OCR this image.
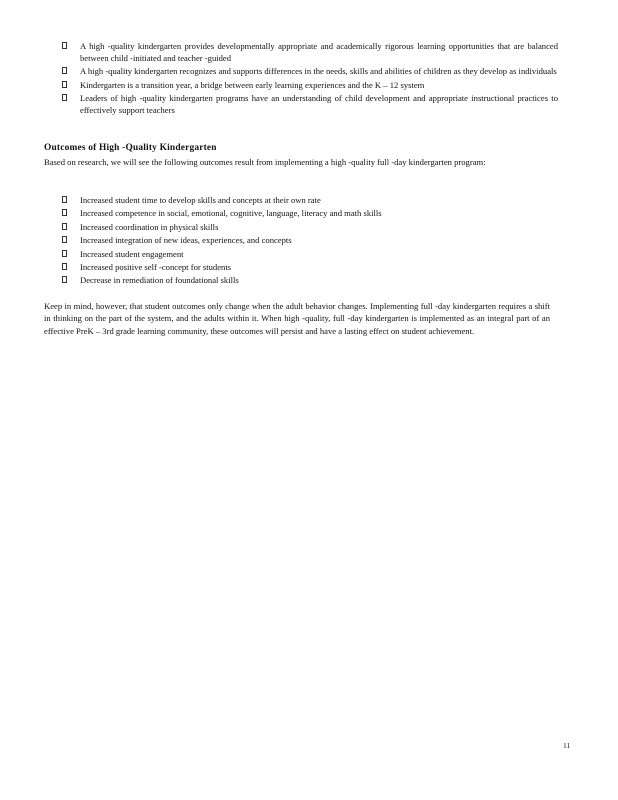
A high -quality kindergarten provides developmentally appropriate and academically rigorous learning opportunities that are balanced between child -initiated and teacher -guided
A high -quality kindergarten recognizes and supports differences in the needs, skills and abilities of children as they develop as individuals
Kindergarten is a transition year, a bridge between early learning experiences and the K – 12 system
Leaders of high -quality kindergarten programs have an understanding of child development and appropriate instructional practices to effectively support teachers
Outcomes of High -Quality Kindergarten
Based on research, we will see the following outcomes result from implementing a high -quality full -day kindergarten program:
Increased student time to develop skills and concepts at their own rate
Increased competence in social, emotional, cognitive, language, literacy and math skills
Increased coordination in physical skills
Increased integration of new ideas, experiences, and concepts
Increased student engagement
Increased positive self -concept for students
Decrease in remediation of foundational skills
Keep in mind, however, that student outcomes only change when the adult behavior changes. Implementing full -day kindergarten requires a shift in thinking on the part of the system, and the adults within it. When high -quality, full -day kindergarten is implemented as an integral part of an effective PreK – 3rd grade learning community, these outcomes will persist and have a lasting effect on student achievement.
11
